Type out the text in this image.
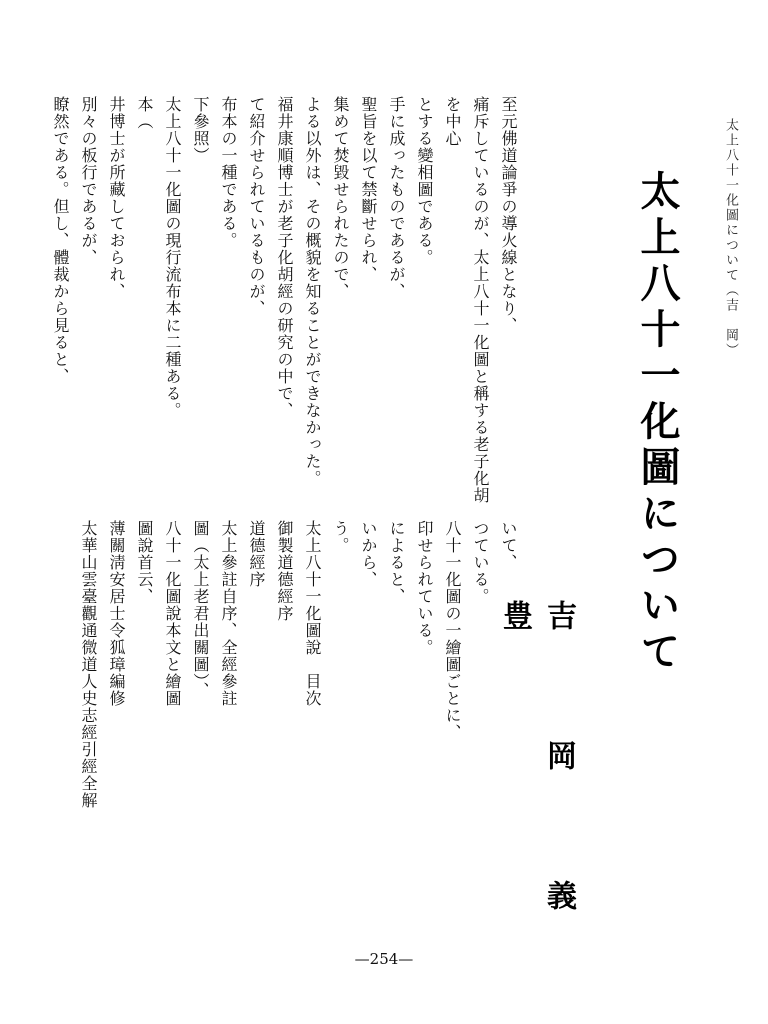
太上八十一化圖について（吉　岡）
太上八十一化圖について
吉　岡　義　豊

至元佛道論爭の導火線となり、

痛斥しているのが、太上八十一化圖と稱する老子化胡を中心

とする變相圖である。

手に成ったものであるが、

聖旨を以て禁斷せられ、

集めて焚毀せられたので、

よる以外は、その概貌を知ることができなかった。

福井康順博士が老子化胡經の研究の中で、

て紹介せられているものが、

布本の一種である。

下參照）

太上八十一化圖の現行流布本に二種ある。

本（

井博士が所藏しておられ、

別々の板行であるが、

瞭然である。但し、體裁から見ると、

いて、

つている。

八十一化圖の一繪圖ごとに、

印せられている。

によると、

いから、

う。

太上八十一化圖說　目次

御製道德經序

道德經序

太上參註自序、全經參註

圖（太上老君出關圖）、

八十一化圖說本文と繪圖

圖說首云、

薄關淸安居士令狐璋編修

太華山雲臺觀通微道人史志經引經全解

—254—
